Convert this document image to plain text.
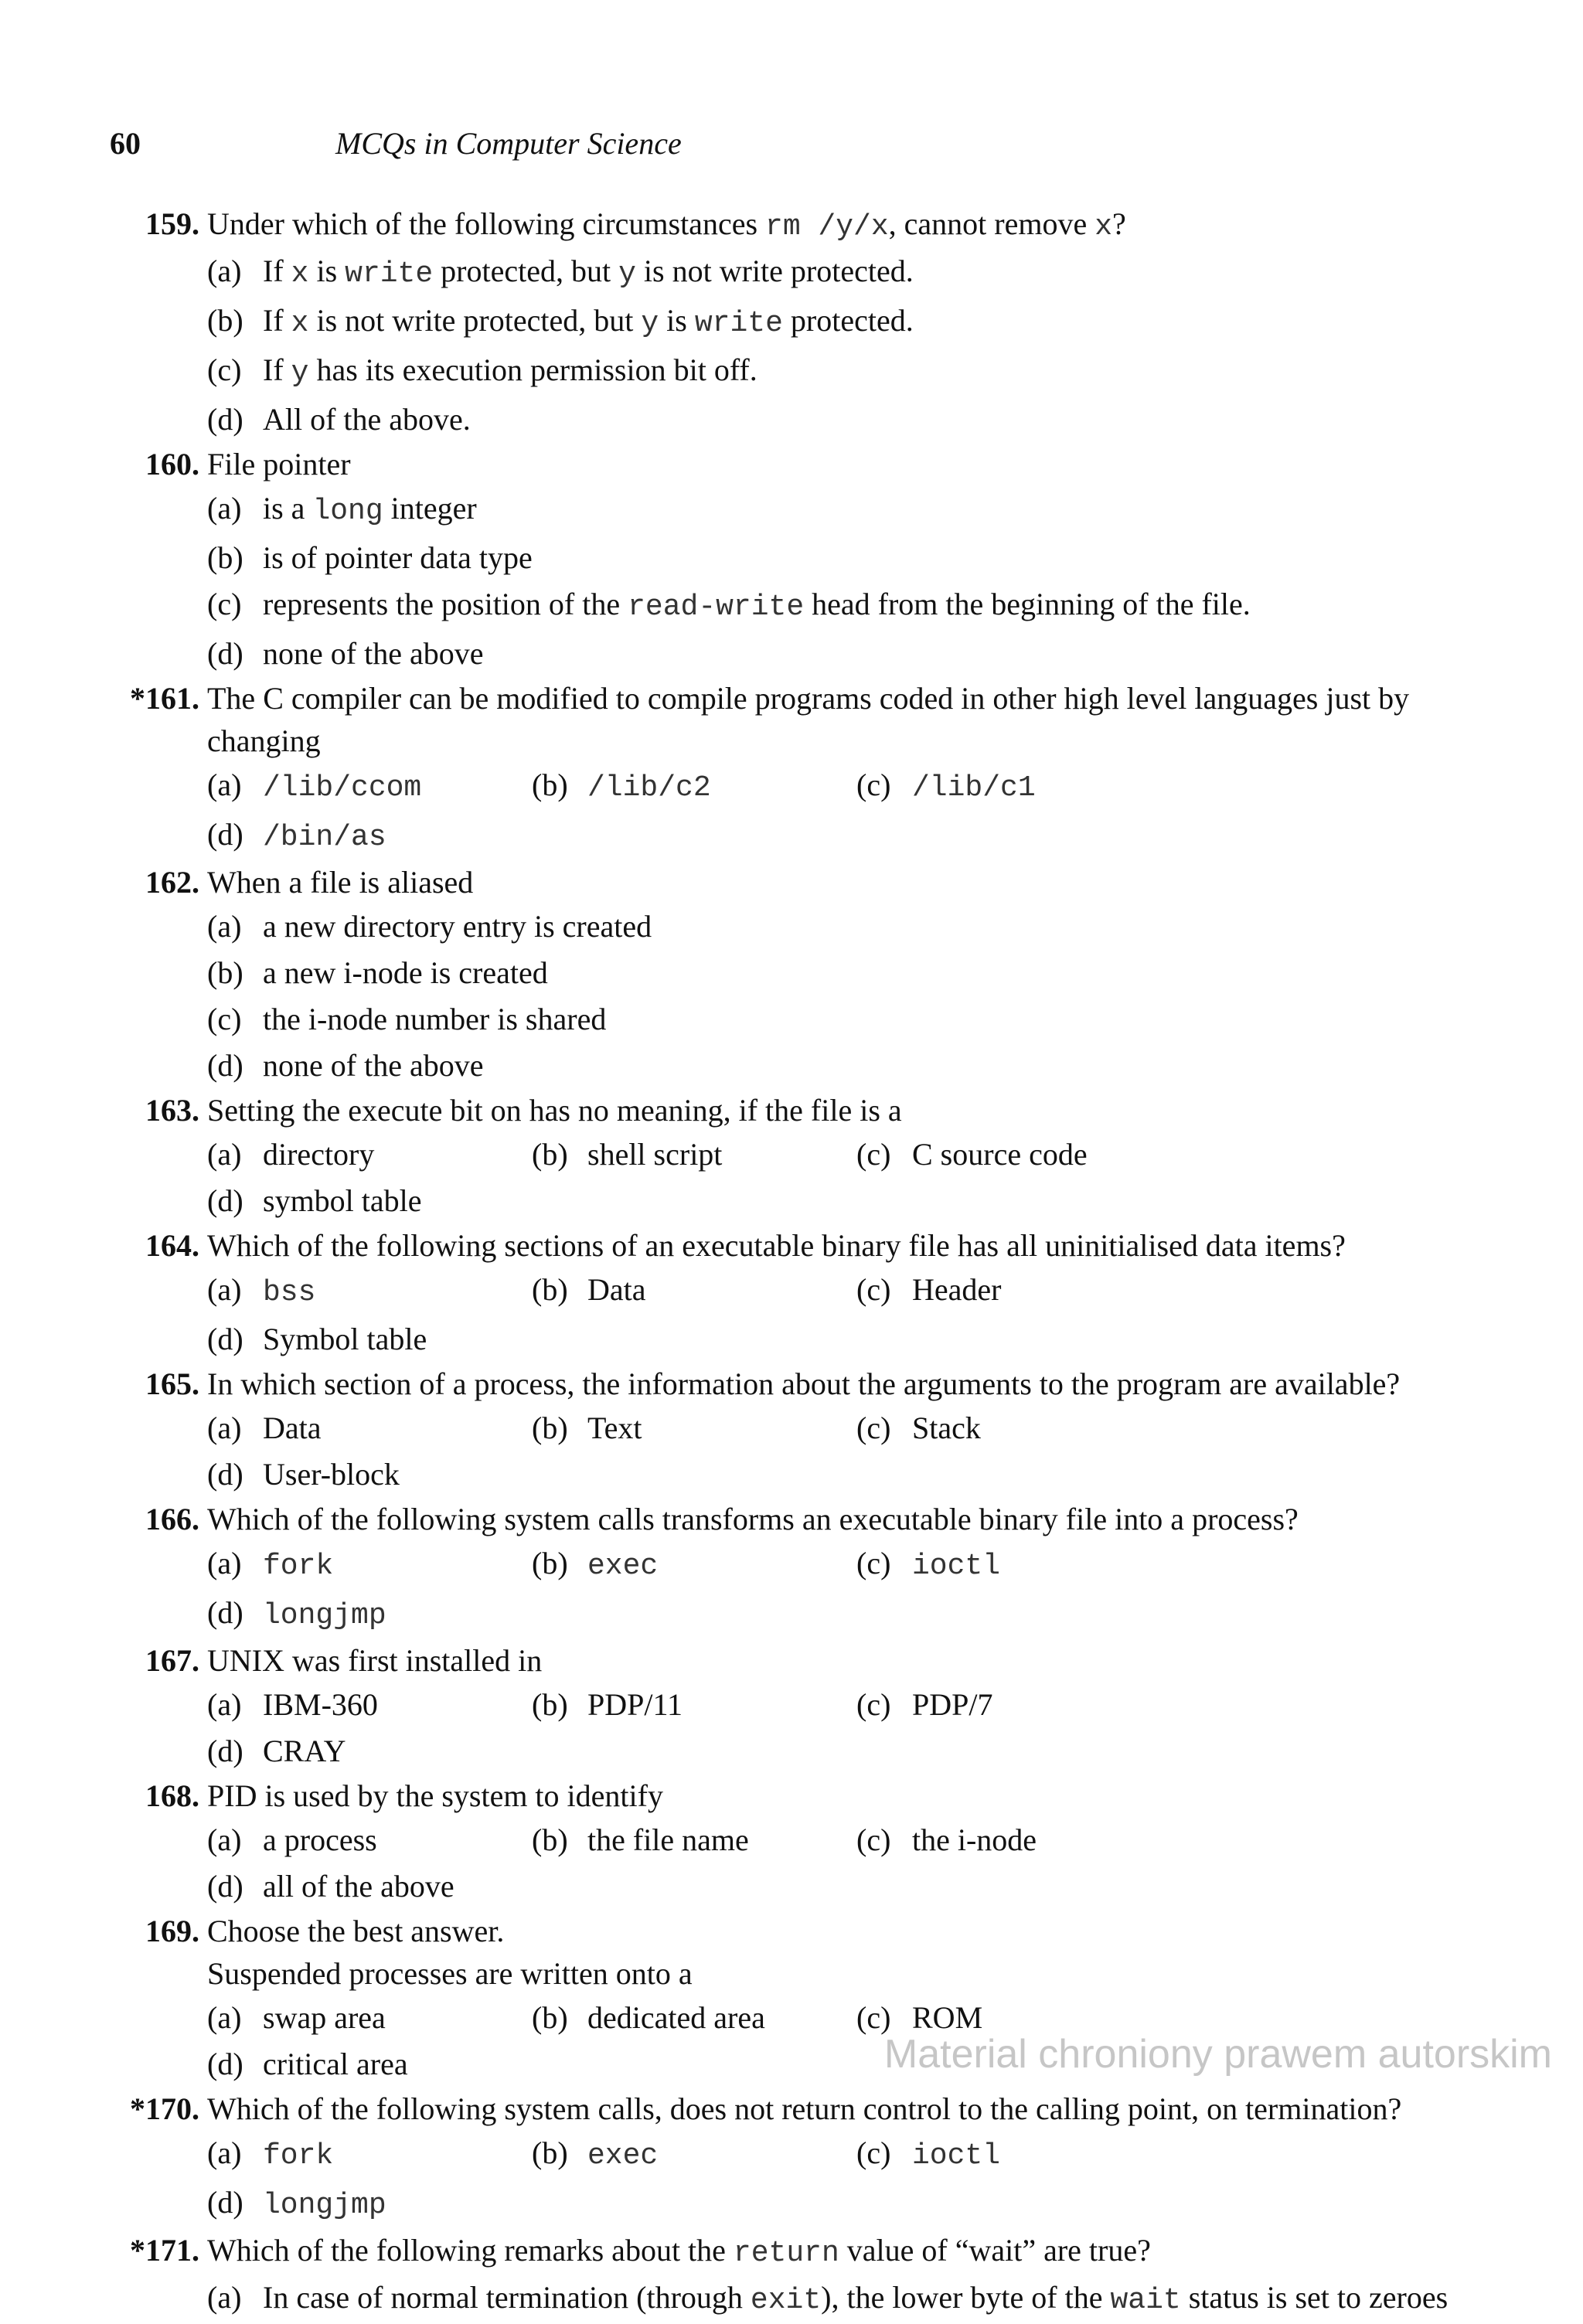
60	MCQs in Computer Science
159. Under which of the following circumstances rm /y/x, cannot remove x?
(a) If x is write protected, but y is not write protected.
(b) If x is not write protected, but y is write protected.
(c) If y has its execution permission bit off.
(d) All of the above.
160. File pointer
(a) is a long integer
(b) is of pointer data type
(c) represents the position of the read-write head from the beginning of the file.
(d) none of the above
*161. The C compiler can be modified to compile programs coded in other high level languages just by changing
(a) /lib/ccom	(b) /lib/c2	(c) /lib/c1
(d) /bin/as
162. When a file is aliased
(a) a new directory entry is created
(b) a new i-node is created
(c) the i-node number is shared
(d) none of the above
163. Setting the execute bit on has no meaning, if the file is a
(a) directory	(b) shell script	(c) C source code
(d) symbol table
164. Which of the following sections of an executable binary file has all uninitialised data items?
(a) bss	(b) Data	(c) Header
(d) Symbol table
165. In which section of a process, the information about the arguments to the program are available?
(a) Data	(b) Text	(c) Stack
(d) User-block
166. Which of the following system calls transforms an executable binary file into a process?
(a) fork	(b) exec	(c) ioctl
(d) longjmp
167. UNIX was first installed in
(a) IBM-360	(b) PDP/11	(c) PDP/7
(d) CRAY
168. PID is used by the system to identify
(a) a process	(b) the file name	(c) the i-node
(d) all of the above
169. Choose the best answer.
Suspended processes are written onto a
(a) swap area	(b) dedicated area	(c) ROM
(d) critical area
*170. Which of the following system calls, does not return control to the calling point, on termination?
(a) fork	(b) exec	(c) ioctl
(d) longjmp
*171. Which of the following remarks about the return value of “wait” are true?
(a) In case of normal termination (through exit), the lower byte of the wait status is set to zeroes
Material chroniony prawem autorskim
